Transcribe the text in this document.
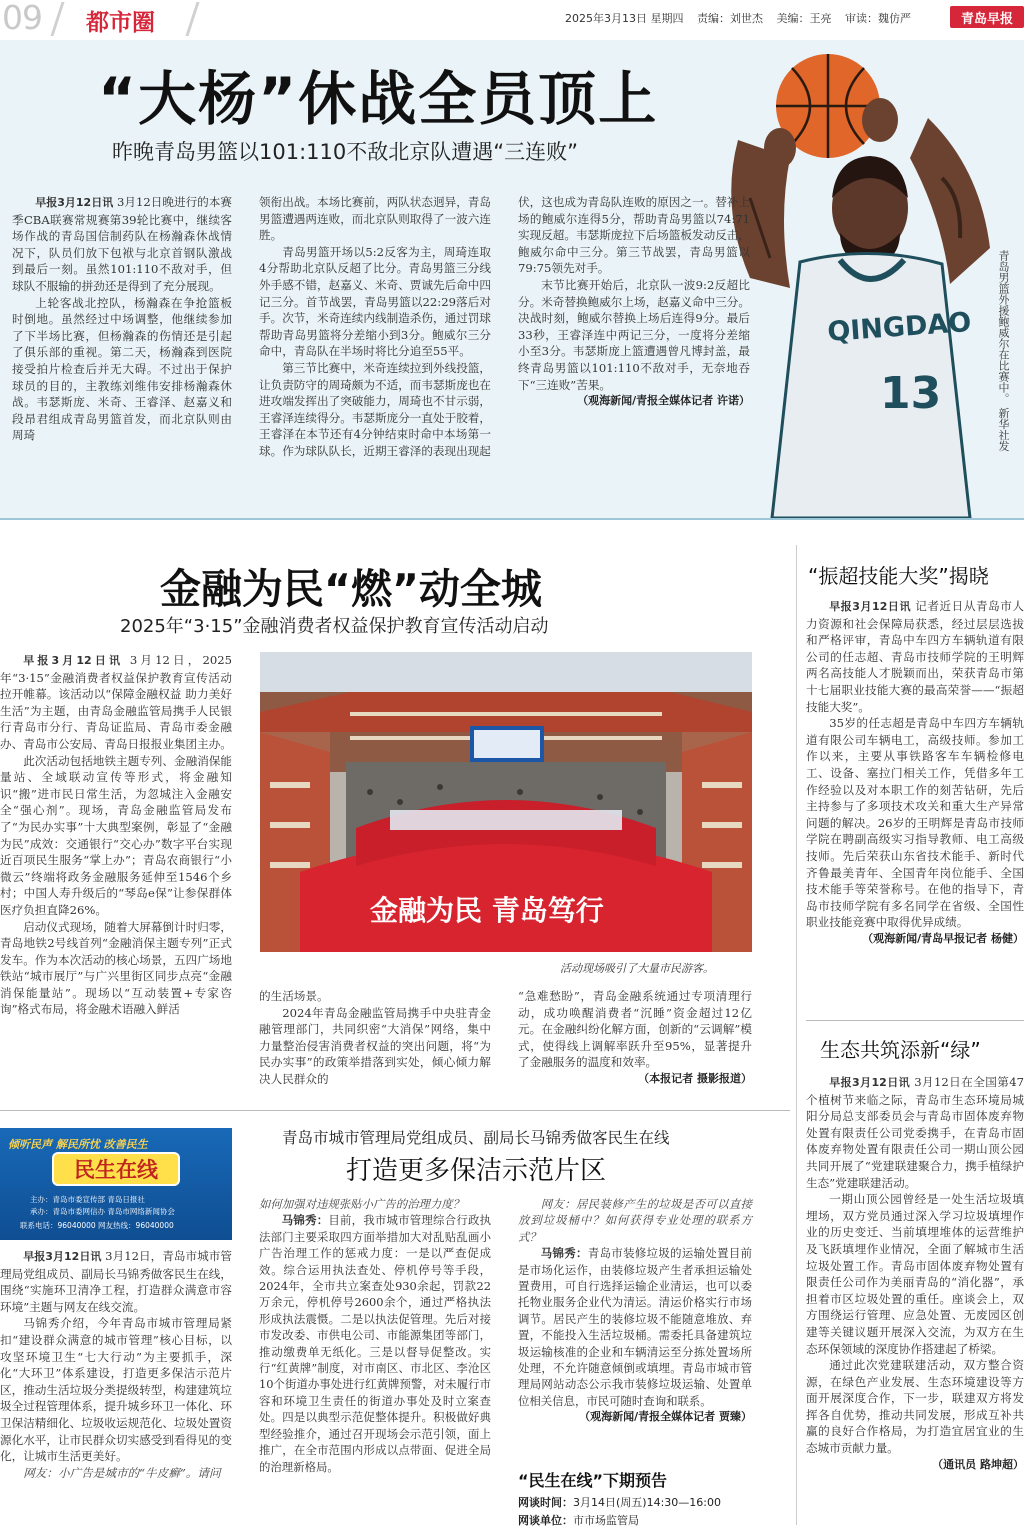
09 都市圈	2025年3月13日 星期四 责编：刘世杰 美编：王亮 审读：魏仿严	青岛早报
“大杨”休战全员顶上
昨晚青岛男篮以101:110不敌北京队遭遇“三连败”
QINGDAO
13	青岛男篮外援鲍威尔在比赛中。 新华社发

早报3月12日讯 3月12日晚进行的本赛季CBA联赛常规赛第39轮比赛中，继续客场作战的青岛国信制药队在杨瀚森休战情况下，队员们放下包袱与北京首钢队激战到最后一刻。虽然101:110不敌对手，但球队不服输的拼劲还是得到了充分展现。

上轮客战北控队，杨瀚森在争抢篮板时倒地。虽然经过中场调整，他继续参加了下半场比赛，但杨瀚森的伤情还是引起了俱乐部的重视。第二天，杨瀚森到医院接受拍片检查后并无大碍。不过出于保护球员的目的，主教练刘维伟安排杨瀚森休战。韦瑟斯庞、米奇、王睿泽、赵嘉义和段昂君组成青岛男篮首发，而北京队则由周琦

领衔出战。本场比赛前，两队状态迥异，青岛男篮遭遇两连败，而北京队则取得了一波六连胜。

青岛男篮开场以5:2反客为主，周琦连取4分帮助北京队反超了比分。青岛男篮三分线外手感不错，赵嘉义、米奇、贾诚先后命中四记三分。首节战罢，青岛男篮以22:29落后对手。次节，米奇连续内线制造杀伤，通过罚球帮助青岛男篮将分差缩小到3分。鲍威尔三分命中，青岛队在半场时将比分追至55平。

第三节比赛中，米奇连续拉到外线投篮，让负责防守的周琦颇为不适，而韦瑟斯庞也在进攻端发挥出了突破能力，周琦也不甘示弱，王睿泽连续得分。韦瑟斯庞分一直处于胶着，王睿泽在本节还有4分钟结束时命中本场第一球。作为球队队长，近期王睿泽的表现出现起

伏，这也成为青岛队连败的原因之一。替补上场的鲍威尔连得5分，帮助青岛男篮以74:71实现反超。韦瑟斯庞拉下后场篮板发动反击，鲍威尔命中三分。第三节战罢，青岛男篮以79:75领先对手。

末节比赛开始后，北京队一波9:2反超比分。米奇替换鲍威尔上场，赵嘉义命中三分。决战时刻，鲍威尔替换上场后连得9分。最后33秒，王睿泽连中两记三分，一度将分差缩小至3分。韦瑟斯庞上篮遭遇曾凡博封盖，最终青岛男篮以101:110不敌对手，无奈地吞下“三连败”苦果。

（观海新闻/青报全媒体记者 许诺）
金融为民“燃”动全城
2025年“3·15”金融消费者权益保护教育宣传活动启动
金融为民 青岛笃行
活动现场吸引了大量市民游客。

早报3月12日讯 3月12日，2025年“3·15”金融消费者权益保护教育宣传活动拉开帷幕。该活动以“保障金融权益 助力美好生活”为主题，由青岛金融监管局携手人民银行青岛市分行、青岛证监局、青岛市委金融办、青岛市公安局、青岛日报报业集团主办。

此次活动包括地铁主题专列、金融消保能量站、全域联动宣传等形式，将金融知识“搬”进市民日常生活，为忽城注入金融安全“强心剂”。现场，青岛金融监管局发布了“为民办实事”十大典型案例，彰显了“金融为民”成效：交通银行“交心办”数字平台实现近百项民生服务“掌上办”；青岛农商银行“小微云”终端将政务金融服务延伸至1546个乡村；中国人寿升级后的“琴岛e保”让参保群体医疗负担直降26%。

启动仪式现场，随着大屏幕倒计时归零，青岛地铁2号线首列“金融消保主题专列”正式发车。作为本次活动的核心场景，五四广场地铁站“城市展厅”与广兴里街区同步点亮“金融消保能量站”。现场以“互动装置+专家咨询”格式布局，将金融术语融入鲜活

的生活场景。

2024年青岛金融监管局携手中央驻青金融管理部门，共同织密“大消保”网络，集中力量整治侵害消费者权益的突出问题，将“为民办实事”的政策举措落到实处，倾心倾力解决人民群众的

“急难愁盼”，青岛金融系统通过专项清理行动，成功唤醒消费者“沉睡”资金超过12亿元。在金融纠纷化解方面，创新的“云调解”模式，使得线上调解率跃升至95%，显著提升了金融服务的温度和效率。

（本报记者 摄影报道）
“振超技能大奖”揭晓

早报3月12日讯 记者近日从青岛市人力资源和社会保障局获悉，经过层层选拔和严格评审，青岛中车四方车辆轨道有限公司的任志超、青岛市技师学院的王明辉两名高技能人才脱颖而出，荣获青岛市第十七届职业技能大赛的最高荣誉——“振超技能大奖”。

35岁的任志超是青岛中车四方车辆轨道有限公司车辆电工，高级技师。参加工作以来，主要从事铁路客车车辆检修电工、设备、塞拉门相关工作，凭借多年工作经验以及对本职工作的刻苦钻研，先后主持参与了多项技术攻关和重大生产异常问题的解决。26岁的王明辉是青岛市技师学院在聘副高级实习指导教师、电工高级技师。先后荣获山东省技术能手、新时代齐鲁最美青年、全国青年岗位能手、全国技术能手等荣誉称号。在他的指导下，青岛市技师学院有多名同学在省级、全国性职业技能竞赛中取得优异成绩。

（观海新闻/青岛早报记者 杨健）
生态共筑添新“绿”

早报3月12日讯 3月12日在全国第47个植树节来临之际，青岛市生态环境局城阳分局总支部委员会与青岛市固体废弃物处置有限责任公司党委携手，在青岛市固体废弃物处置有限责任公司一期山顶公园共同开展了“党建联建聚合力，携手植绿护生态”党建联建活动。

一期山顶公园曾经是一处生活垃圾填埋场，双方党员通过深入学习垃圾填埋作业的历史变迁、当前填埋堆体的运营维护及飞跃填埋作业情况，全面了解城市生活垃圾处置工作。青岛市固体废弃物处置有限责任公司作为美丽青岛的“消化器”，承担着市区垃圾处置的重任。座谈会上，双方围绕运行管理、应急处置、无废园区创建等关键议题开展深入交流，为双方在生态环保领域的深度协作搭建起了桥梁。

通过此次党建联建活动，双方整合资源，在绿色产业发展、生态环境建设等方面开展深度合作，下一步，联建双方将发挥各自优势，推动共同发展，形成互补共赢的良好合作格局，为打造宜居宜业的生态城市贡献力量。

（通讯员 路坤超）
倾听民声 解民所忧 改善民生
民生在线
主办：青岛市委宣传部 青岛日报社
承办：青岛市委网信办 青岛市网络新闻协会
联系电话：96040000 网友热线：96040000
青岛市城市管理局党组成员、副局长马锦秀做客民生在线
打造更多保洁示范片区

早报3月12日讯 3月12日，青岛市城市管理局党组成员、副局长马锦秀做客民生在线，围绕“实施环卫清净工程，打造群众满意市容环境”主题与网友在线交流。

马锦秀介绍，今年青岛市城市管理局紧扣“建设群众满意的城市管理”核心目标，以攻坚环境卫生“七大行动”为主要抓手，深化“大环卫”体系建设，打造更多保洁示范片区，推动生活垃圾分类提级转型，构建建筑垃圾全过程管理体系，提升城乡环卫一体化、环卫保洁精细化、垃圾收运规范化、垃圾处置资源化水平，让市民群众切实感受到看得见的变化，让城市生活更美好。

网友：小广告是城市的“牛皮癣”。请问

如何加强对违规张贴小广告的治理力度？

马锦秀：目前，我市城市管理综合行政执法部门主要采取四方面举措加大对乱贴乱画小广告治理工作的惩戒力度：一是以严查促成效。综合运用执法查处、停机停号等手段，2024年，全市共立案查处930余起，罚款22万余元，停机停号2600余个，通过严格执法形成执法震慑。二是以执法促管理。先后对接市发改委、市供电公司、市能源集团等部门，推动缴费单无纸化。三是以督导促整改。实行“红黄牌”制度，对市南区、市北区、李沧区10个街道办事处进行红黄牌预警，对未履行市容和环境卫生责任的街道办事处及时立案查处。四是以典型示范促整体提升。积极做好典型经验推介，通过召开现场会示范引领，面上推广，在全市范围内形成以点带面、促进全局的治理新格局。

网友：居民装修产生的垃圾是否可以直接放到垃圾桶中？如何获得专业处理的联系方式？

马锦秀：青岛市装修垃圾的运输处置目前是市场化运作，由装修垃圾产生者承担运输处置费用，可自行选择运输企业清运，也可以委托物业服务企业代为清运。清运价格实行市场调节。居民产生的装修垃圾不能随意堆放、弃置，不能投入生活垃圾桶。需委托具备建筑垃圾运输核准的企业和车辆清运至分拣处置场所处理，不允许随意倾倒或填埋。青岛市城市管理局网站动态公示我市装修垃圾运输、处置单位相关信息，市民可随时查询和联系。

（观海新闻/青报全媒体记者 贾臻）
“民生在线”下期预告
网谈时间：3月14日(周五)14:30—16:00
网谈单位：市市场监管局
